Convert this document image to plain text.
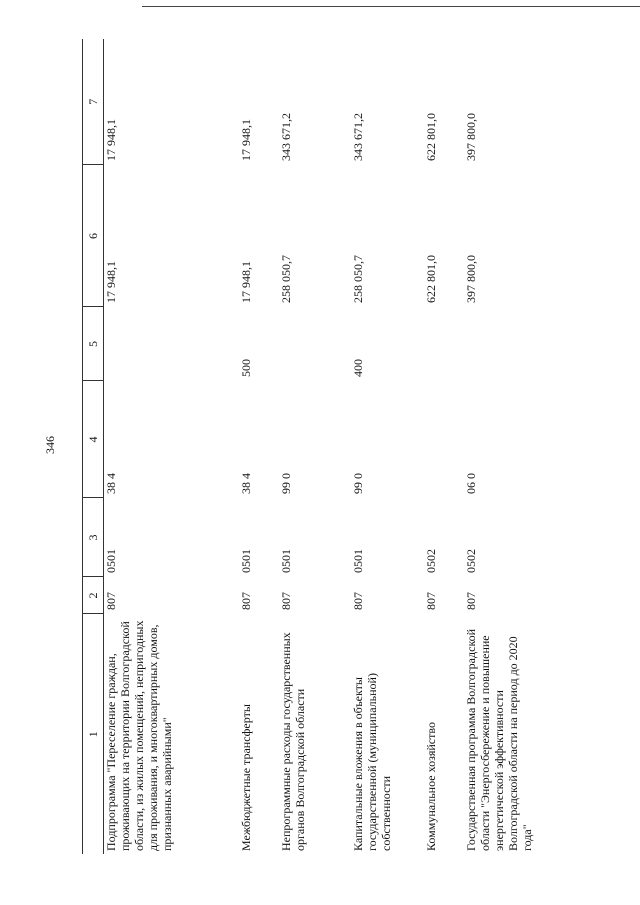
346
1	2	3	4	5	6	7
Подпрограмма "Переселение граждан, проживающих на территории Волгоградской области, из жилых помещений, непригодных для проживания, и многоквартирных домов, признанных аварийными"	807	0501	38 4		17 948,1	17 948,1
Межбюджетные трансферты	807	0501	38 4	500	17 948,1	17 948,1
Непрограммные расходы государственных органов Волгоградской области	807	0501	99 0		258 050,7	343 671,2
Капитальные вложения в объекты государственной (муниципальной) собственности	807	0501	99 0	400	258 050,7	343 671,2
Коммунальное хозяйство	807	0502			622 801,0	622 801,0
Государственная программа Волгоградской области "Энергосбережение и повышение энергетической эффективности Волгоградской области на период до 2020 года"	807	0502	06 0		397 800,0	397 800,0
